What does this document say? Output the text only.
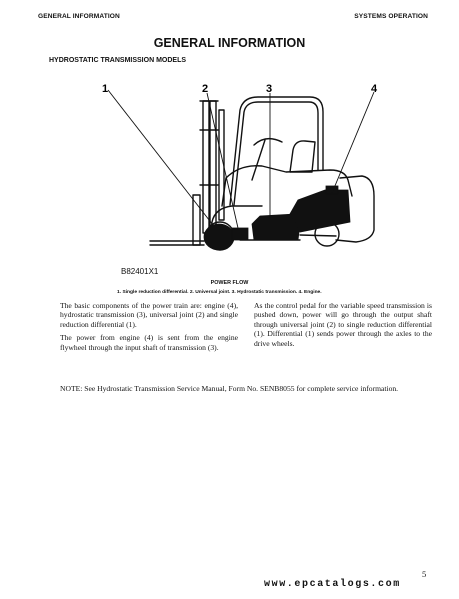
GENERAL INFORMATION	SYSTEMS OPERATION
GENERAL INFORMATION
HYDROSTATIC TRANSMISSION MODELS
1	2	3	4
B82401X1
POWER FLOW
1. Single reduction differential. 2. Universal joint. 3. Hydrostatic transmission. 4. Engine.

The basic components of the power train are: engine (4), hydrostatic transmission (3), universal joint (2) and single reduction differential (1).

The power from engine (4) is sent from the engine flywheel through the input shaft of transmission (3).

As the control pedal for the variable speed transmission is pushed down, power will go through the output shaft through universal joint (2) to single reduction differential (1). Differential (1) sends power through the axles to the drive wheels.

NOTE: See Hydrostatic Transmission Service Manual, Form No. SENB8055 for complete service information.
5
www.epcatalogs.com
